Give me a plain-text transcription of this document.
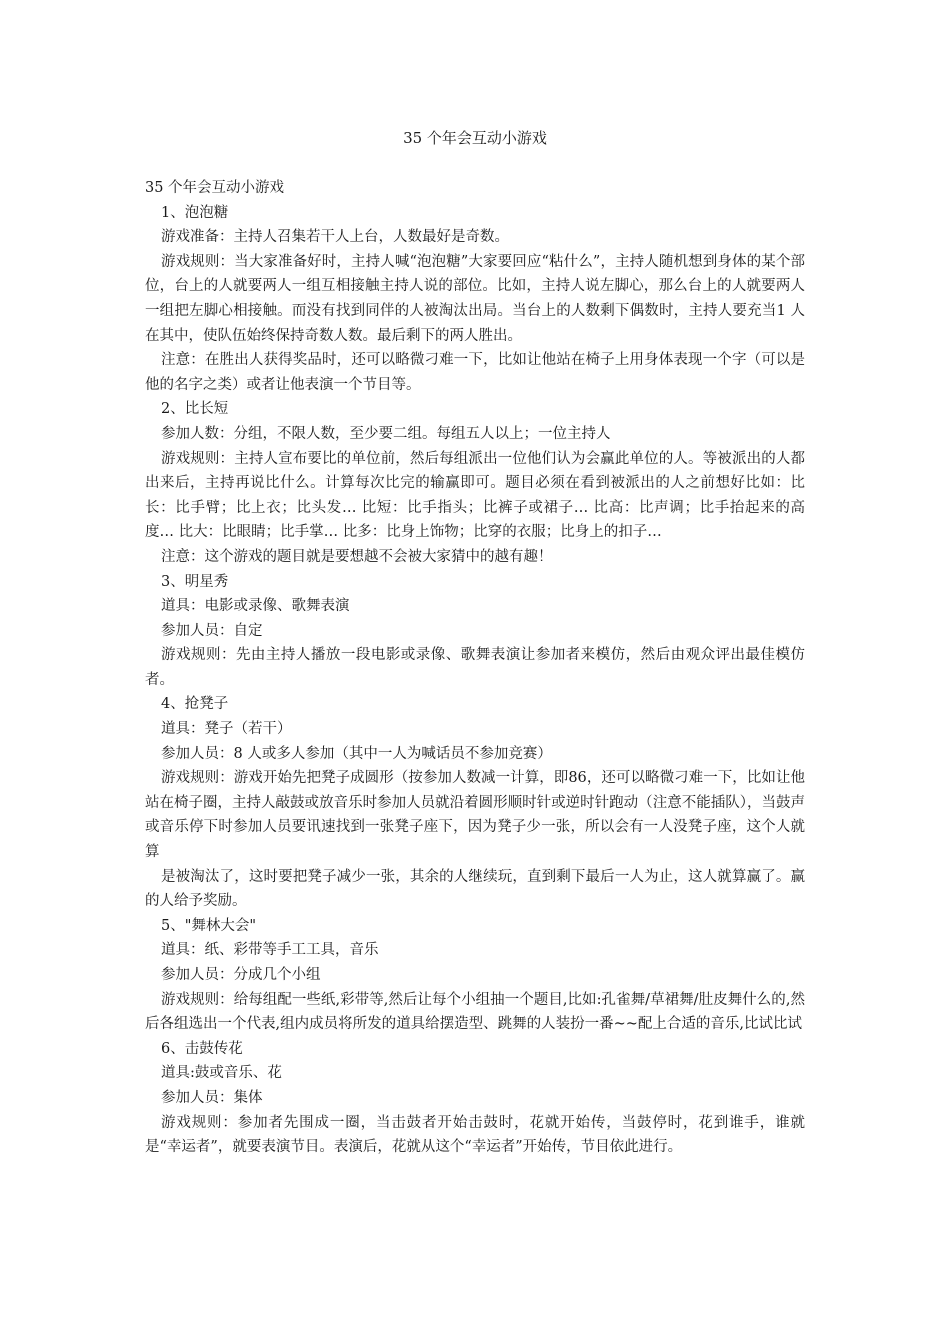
35 个年会互动小游戏

35 个年会互动小游戏

1、泡泡糖

游戏准备：主持人召集若干人上台，人数最好是奇数。

游戏规则：当大家准备好时，主持人喊“泡泡糖”大家要回应“粘什么”，主持人随机想到身体的某个部位，台上的人就要两人一组互相接触主持人说的部位。比如，主持人说左脚心，那么台上的人就要两人一组把左脚心相接触。而没有找到同伴的人被淘汰出局。当台上的人数剩下偶数时，主持人要充当1 人在其中，使队伍始终保持奇数人数。最后剩下的两人胜出。

注意：在胜出人获得奖品时，还可以略微刁难一下，比如让他站在椅子上用身体表现一个字（可以是他的名字之类）或者让他表演一个节目等。

2、比长短

参加人数：分组，不限人数，至少要二组。每组五人以上；一位主持人

游戏规则：主持人宣布要比的单位前，然后每组派出一位他们认为会赢此单位的人。等被派出的人都出来后，主持再说比什么。计算每次比完的输赢即可。题目必须在看到被派出的人之前想好比如：比长：比手臂；比上衣；比头发… 比短：比手指头；比裤子或裙子… 比高：比声调；比手抬起来的高度… 比大：比眼睛；比手掌… 比多：比身上饰物；比穿的衣服；比身上的扣子…

注意：这个游戏的题目就是要想越不会被大家猜中的越有趣！

3、明星秀

道具：电影或录像、歌舞表演

参加人员：自定

游戏规则：先由主持人播放一段电影或录像、歌舞表演让参加者来模仿，然后由观众评出最佳模仿者。

4、抢凳子

道具：凳子（若干）

参加人员：8 人或多人参加（其中一人为喊话员不参加竞赛）

游戏规则：游戏开始先把凳子成圆形（按参加人数减一计算，即86，还可以略微刁难一下，比如让他站在椅子圈，主持人敲鼓或放音乐时参加人员就沿着圆形顺时针或逆时针跑动（注意不能插队），当鼓声或音乐停下时参加人员要讯速找到一张凳子座下，因为凳子少一张，所以会有一人没凳子座，这个人就算

是被淘汰了，这时要把凳子减少一张，其余的人继续玩，直到剩下最后一人为止，这人就算赢了。赢的人给予奖励。

5、"舞林大会"

道具：纸、彩带等手工工具，音乐

参加人员：分成几个小组

游戏规则：给每组配一些纸,彩带等,然后让每个小组抽一个题目,比如:孔雀舞/草裙舞/肚皮舞什么的,然后各组选出一个代表,组内成员将所发的道具给摆造型、跳舞的人装扮一番~~配上合适的音乐,比试比试

6、击鼓传花

道具:鼓或音乐、花

参加人员：集体

游戏规则：参加者先围成一圈，当击鼓者开始击鼓时，花就开始传，当鼓停时，花到谁手，谁就是“幸运者”，就要表演节目。表演后，花就从这个“幸运者”开始传，节目依此进行。
